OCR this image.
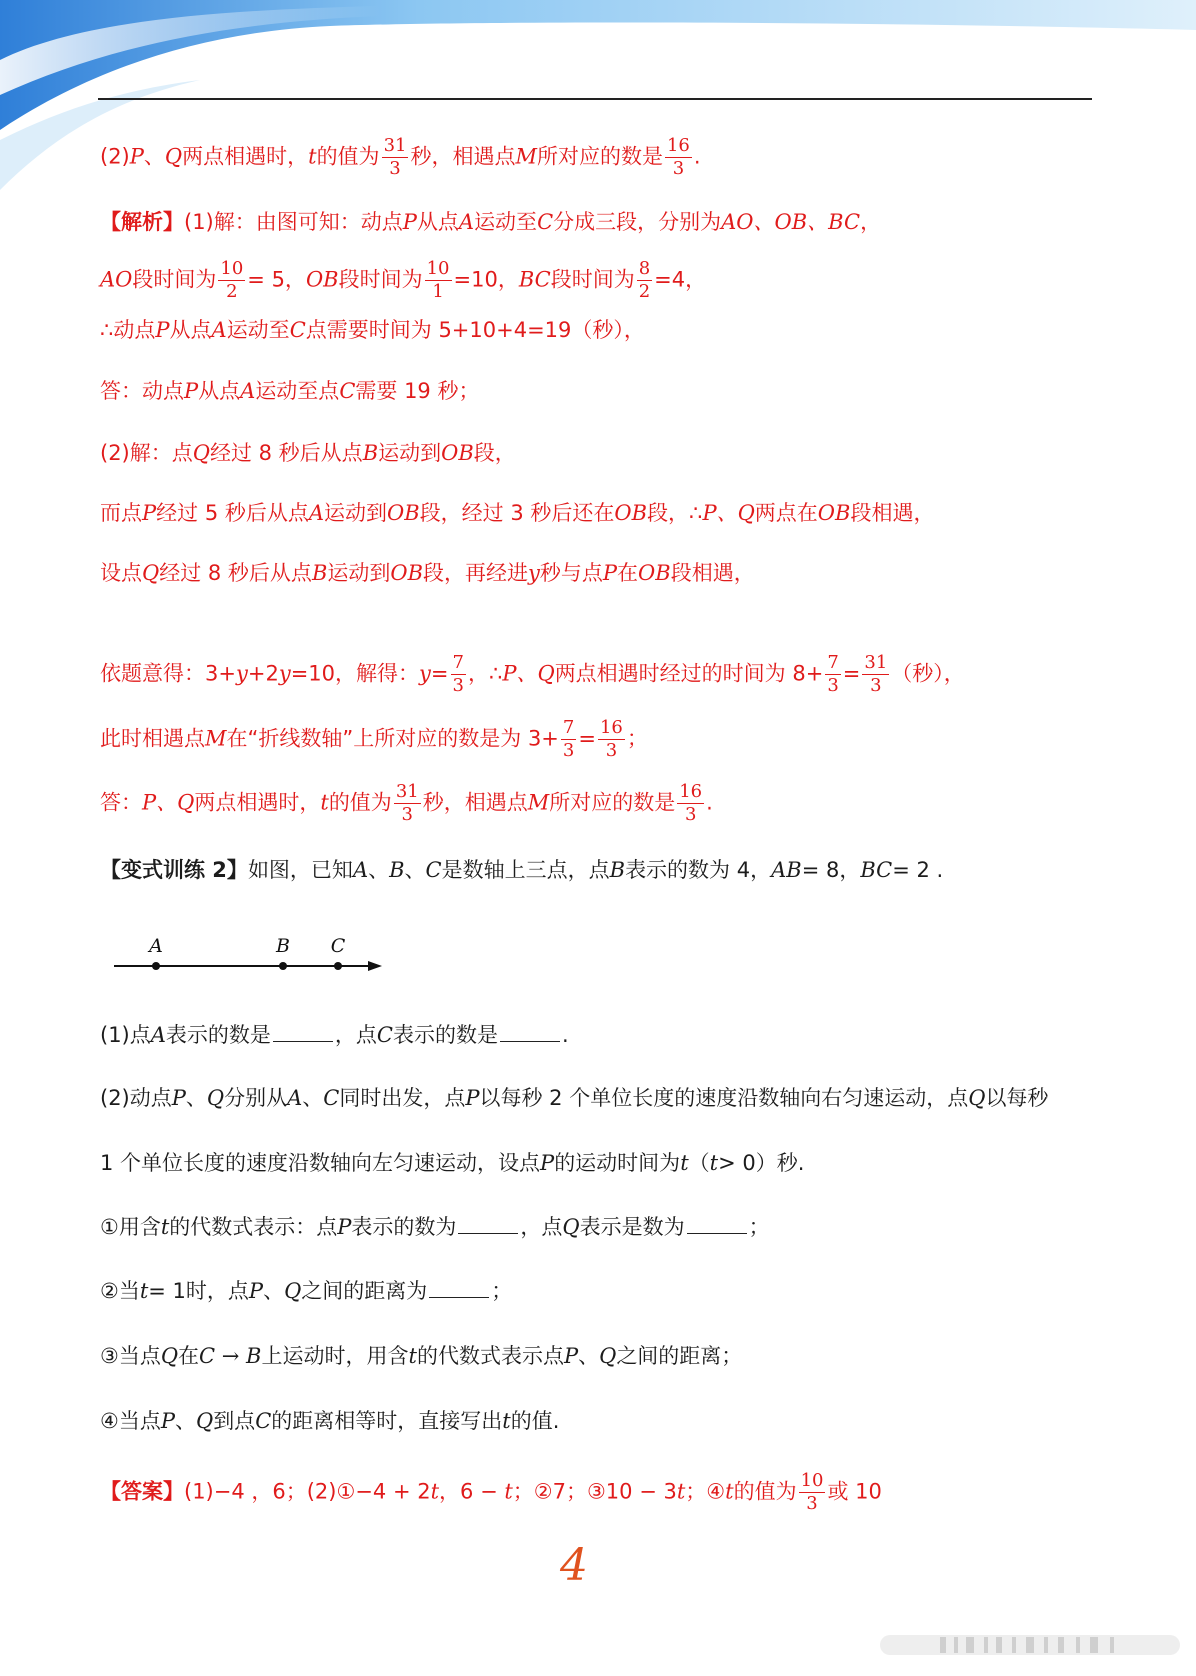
(2)P、Q两点相遇时，t的值为 $\frac{31}{3}$ 秒，相遇点M所对应的数是 $\frac{16}{3}$ .
【解析】(1)解：由图可知：动点P从点A运动至C分成三段，分别为AO、OB、BC，
AO段时间为 $\frac{10}{2} = 5$，OB段时间为 $\frac{10}{1} =10$，BC段时间为 $\frac{8}{2} =4$，
∴动点P从点A运动至C点需要时间为 5+10+4=19（秒），
答：动点P从点A运动至点C需要 19 秒；
(2)解：点Q经过 8 秒后从点B运动到OB段，
而点P经过 5 秒后从点A运动到OB段，经过 3 秒后还在OB段，∴P、Q两点在OB段相遇，
设点Q经过 8 秒后从点B运动到OB段，再经进y秒与点P在OB段相遇，
依题意得：3+y+2y=10，解得：$y= \frac{7}{3}$ ，∴P、Q两点相遇时经过的时间为 $8+ \frac{7}{3} = \frac{31}{3}$ （秒），
此时相遇点M在“折线数轴”上所对应的数是为 $3+ \frac{7}{3} = \frac{16}{3}$ ；
答：P、Q两点相遇时，t的值为 $\frac{31}{3}$ 秒，相遇点M所对应的数是 $\frac{16}{3}$ .
【变式训练 2】如图，已知A、B、C是数轴上三点，点B表示的数为 4，AB= 8，BC= 2 .
A	B C
(1)点A表示的数是	，点C表示的数是	.
(2)动点P、Q分别从A、C同时出发，点P以每秒 2 个单位长度的速度沿数轴向右匀速运动，点Q以每秒
1 个单位长度的速度沿数轴向左匀速运动，设点P的运动时间为t（t> 0）秒.
①用含t的代数式表示：点P表示的数为	，点Q表示是数为	；
②当t= 1时，点P、Q之间的距离为	；
③当点Q在C → B上运动时，用含t的代数式表示点P、Q之间的距离；
④当点P、Q到点C的距离相等时，直接写出t的值.
【答案】(1)−4 ，6；(2)①−4 + 2t，6 − t；②7；③10 − 3t；④t的值为 $\frac{10}{3}$ 或 10
4
